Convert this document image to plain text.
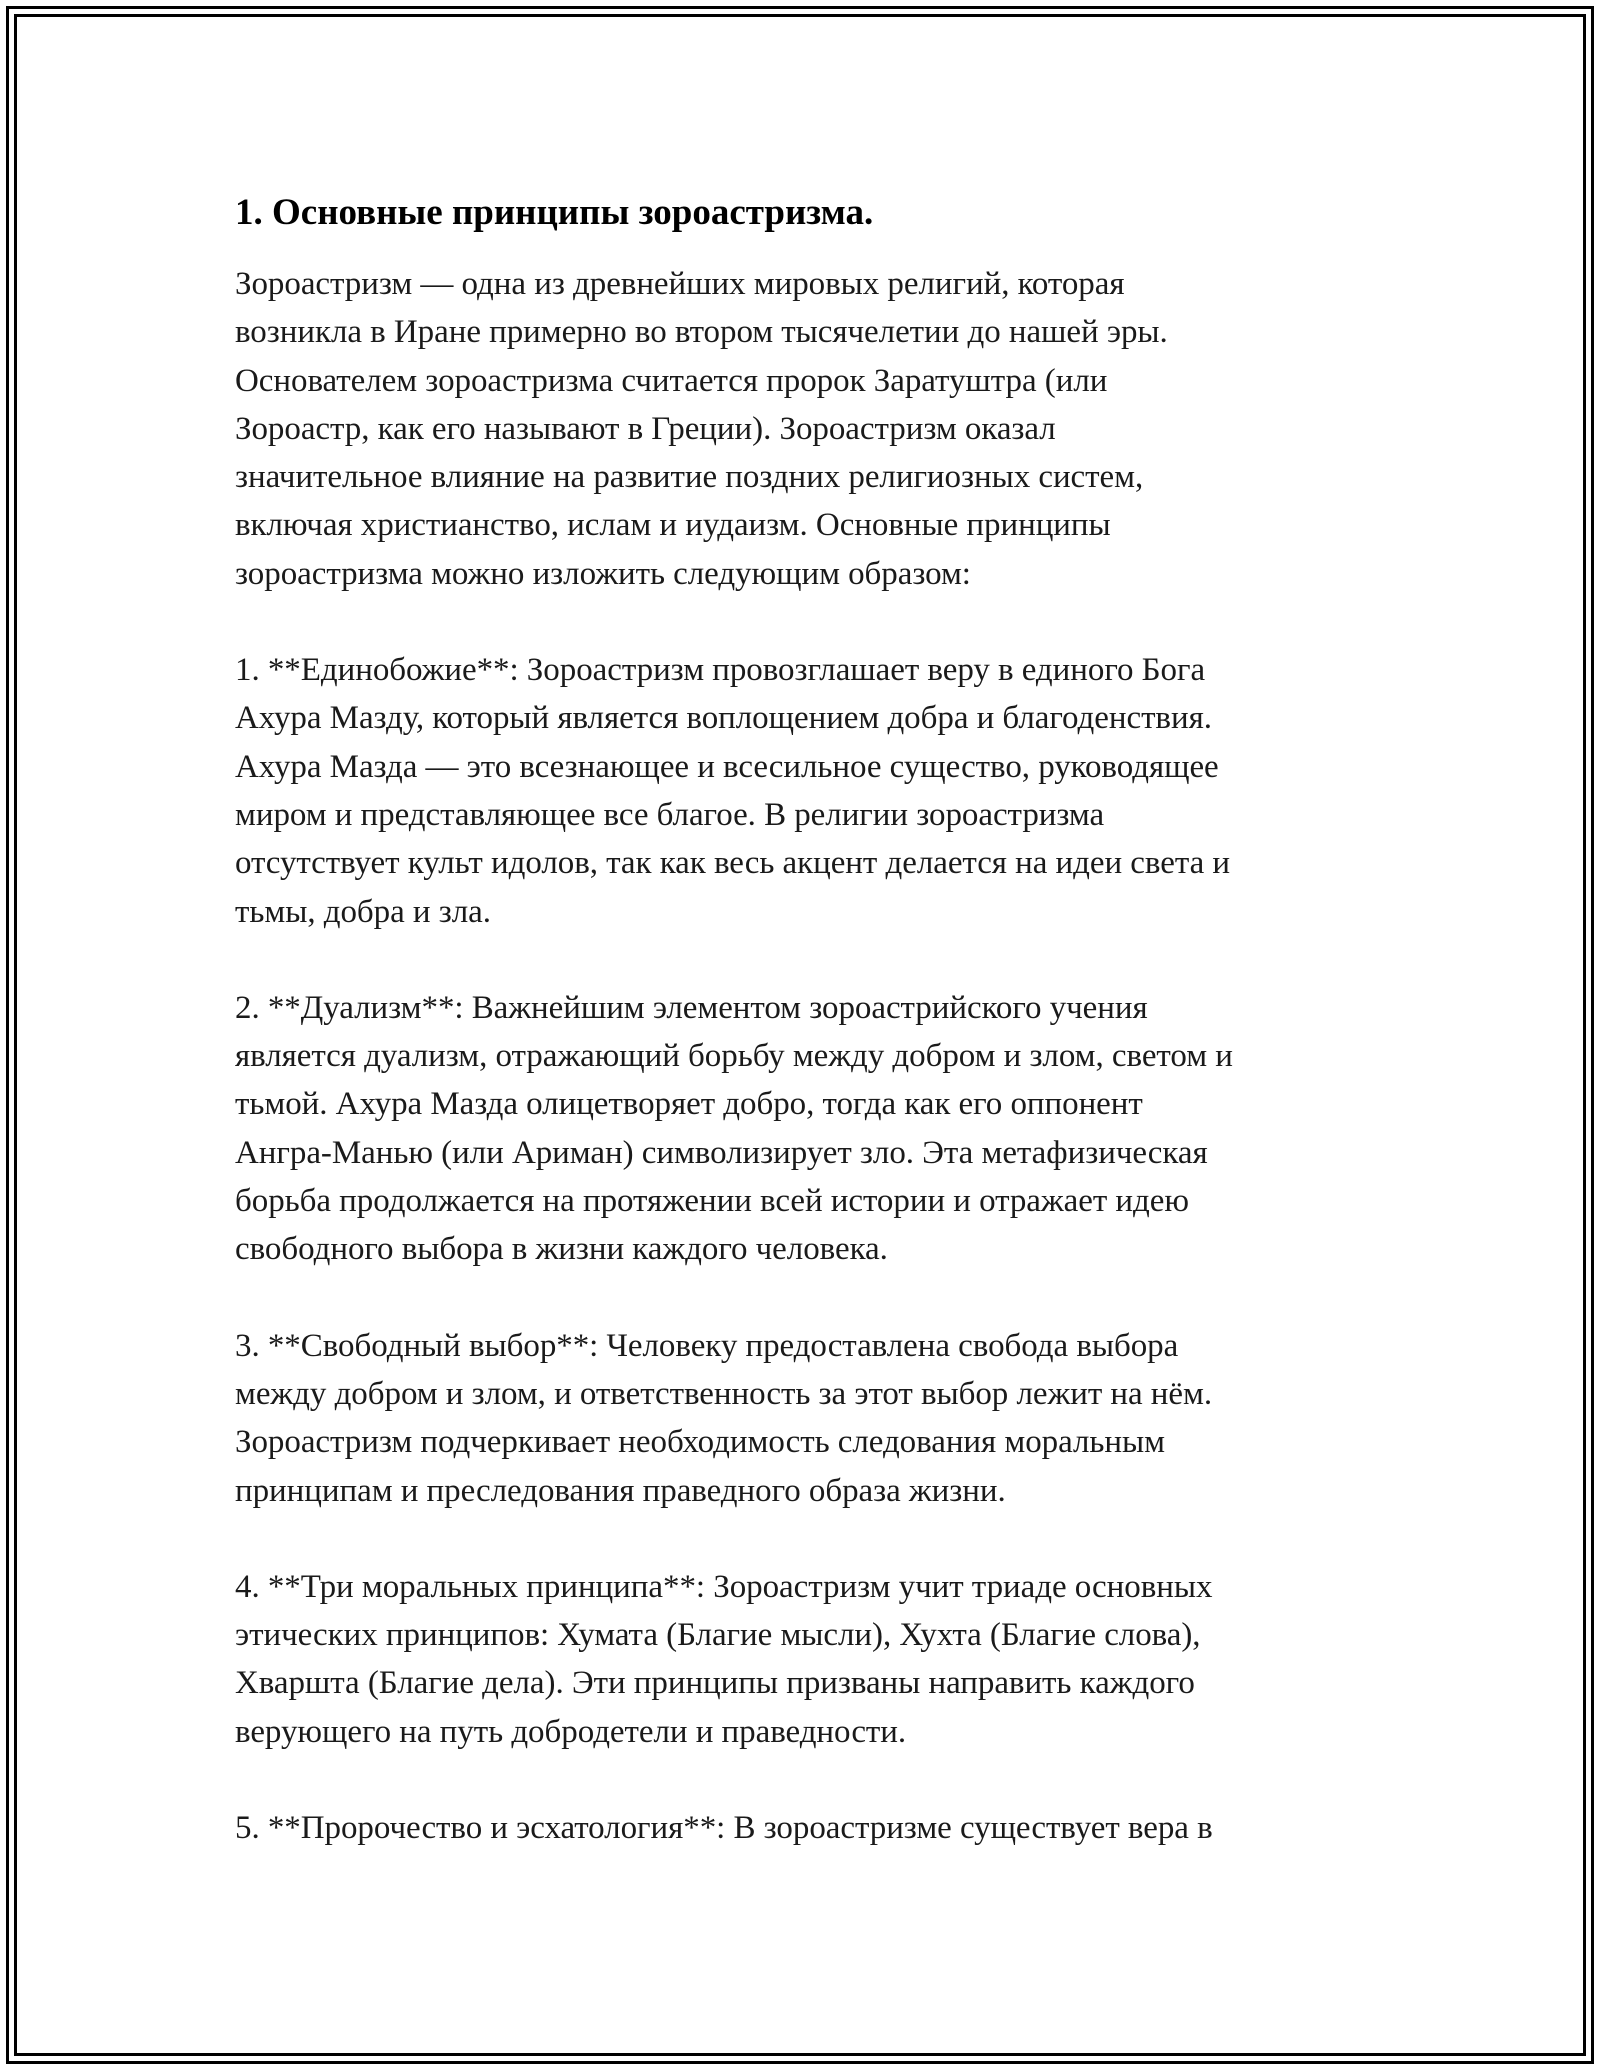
1. Основные принципы зороастризма.

Зороастризм — одна из древнейших мировых религий, которая
возникла в Иране примерно во втором тысячелетии до нашей эры.
Основателем зороастризма считается пророк Заратуштра (или
Зороастр, как его называют в Греции). Зороастризм оказал
значительное влияние на развитие поздних религиозных систем,
включая христианство, ислам и иудаизм. Основные принципы
зороастризма можно изложить следующим образом:

1. **Единобожие**: Зороастризм провозглашает веру в единого Бога
Ахура Мазду, который является воплощением добра и благоденствия.
Ахура Мазда — это всезнающее и всесильное существо, руководящее
миром и представляющее все благое. В религии зороастризма
отсутствует культ идолов, так как весь акцент делается на идеи света и
тьмы, добра и зла.

2. **Дуализм**: Важнейшим элементом зороастрийского учения
является дуализм, отражающий борьбу между добром и злом, светом и
тьмой. Ахура Мазда олицетворяет добро, тогда как его оппонент
Ангра-Манью (или Ариман) символизирует зло. Эта метафизическая
борьба продолжается на протяжении всей истории и отражает идею
свободного выбора в жизни каждого человека.

3. **Свободный выбор**: Человеку предоставлена свобода выбора
между добром и злом, и ответственность за этот выбор лежит на нём.
Зороастризм подчеркивает необходимость следования моральным
принципам и преследования праведного образа жизни.

4. **Три моральных принципа**: Зороастризм учит триаде основных
этических принципов: Хумата (Благие мысли), Хухта (Благие слова),
Хваршта (Благие дела). Эти принципы призваны направить каждого
верующего на путь добродетели и праведности.

5. **Пророчество и эсхатология**: В зороастризме существует вера в
